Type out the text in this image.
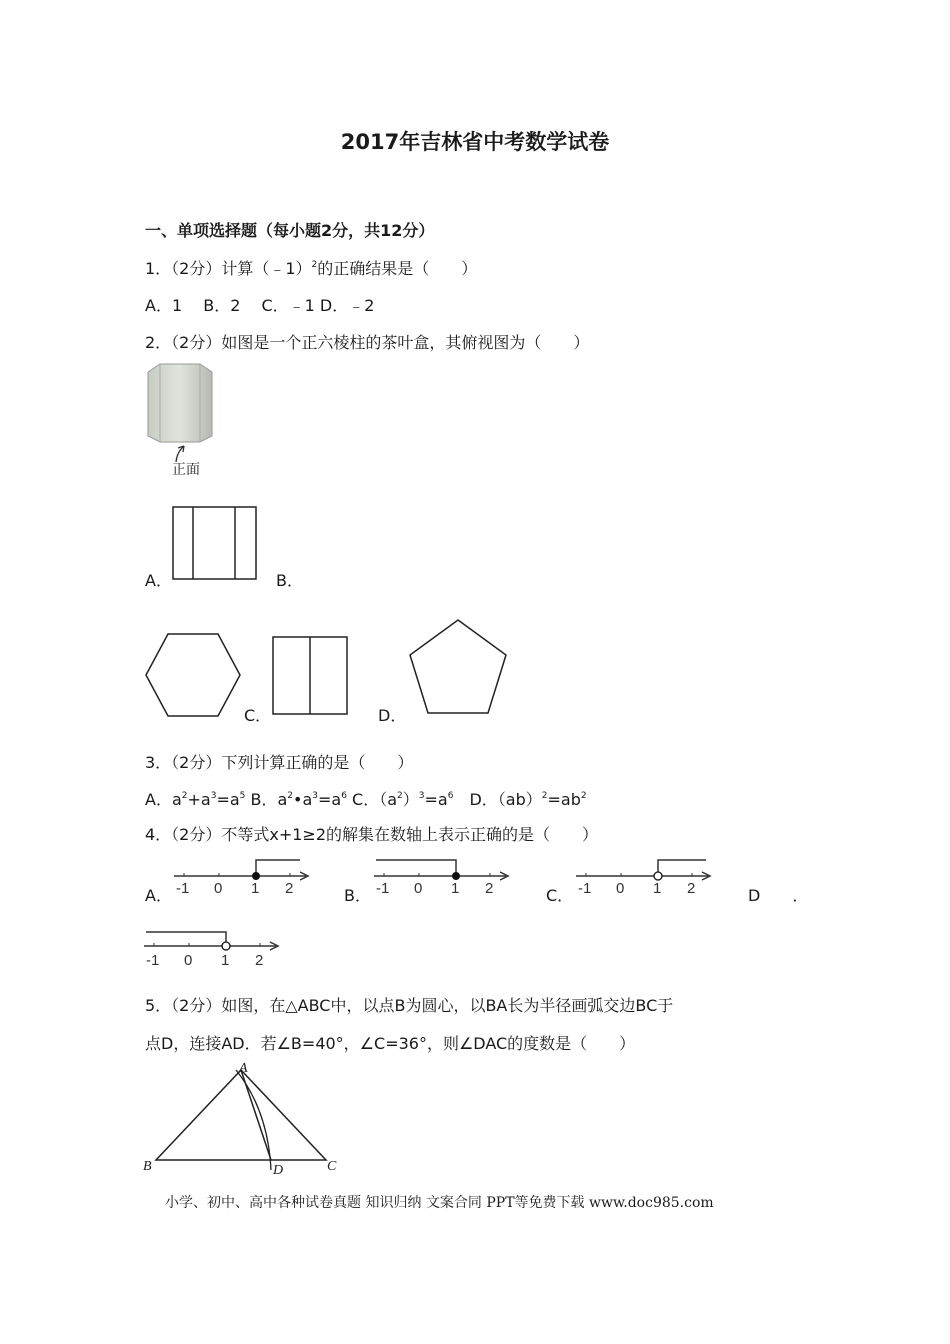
2017年吉林省中考数学试卷
一、单项选择题（每小题2分，共12分）
1．（2分）计算（﹣1）$^2$的正确结果是（　　）
A．1　 B．2　 C．﹣1 D．﹣2
2．（2分）如图是一个正六棱柱的茶叶盒，其俯视图为（　　）
正面
A．	B．
C．	D．
3．（2分）下列计算正确的是（　　）
A．$a^2+a^3=a^5$ B．$a^2•a^3=a^6$ C．$(a^2)^3=a^6$　D．$(ab)^2=ab^2$
4．（2分）不等式x+1≥2的解集在数轴上表示正确的是（　　）
A． -1 0 1 2	B． -1 0 1 2	C． -1 0 1 2	D　．
-1 0 1 2
5．（2分）如图，在△ABC中，以点B为圆心，以BA长为半径画弧交边BC于
点D，连接AD．若∠B=40°，∠C=36°，则∠DAC的度数是（　　）
A
B	C
D
小学、初中、高中各种试卷真题 知识归纳 文案合同 PPT等免费下载 www.doc985.com
